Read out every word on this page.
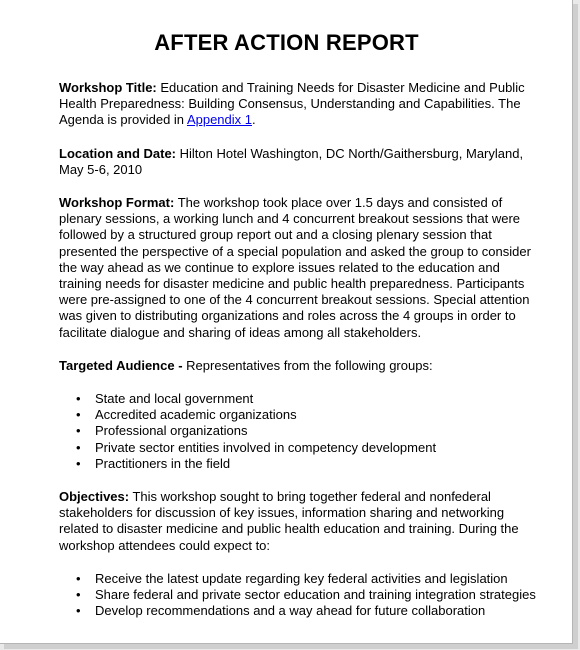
AFTER ACTION REPORT

Workshop Title: Education and Training Needs for Disaster Medicine and Public Health Preparedness: Building Consensus, Understanding and Capabilities. The Agenda is provided in Appendix 1.

Location and Date: Hilton Hotel Washington, DC North/Gaithersburg, Maryland, May 5-6, 2010

Workshop Format: The workshop took place over 1.5 days and consisted of plenary sessions, a working lunch and 4 concurrent breakout sessions that were followed by a structured group report out and a closing plenary session that presented the perspective of a special population and asked the group to consider the way ahead as we continue to explore issues related to the education and training needs for disaster medicine and public health preparedness. Participants were pre-assigned to one of the 4 concurrent breakout sessions. Special attention was given to distributing organizations and roles across the 4 groups in order to facilitate dialogue and sharing of ideas among all stakeholders.

Targeted Audience - Representatives from the following groups:

• State and local government
• Accredited academic organizations
• Professional organizations
• Private sector entities involved in competency development
• Practitioners in the field

Objectives: This workshop sought to bring together federal and nonfederal stakeholders for discussion of key issues, information sharing and networking related to disaster medicine and public health education and training. During the workshop attendees could expect to:

• Receive the latest update regarding key federal activities and legislation
• Share federal and private sector education and training integration strategies
• Develop recommendations and a way ahead for future collaboration
